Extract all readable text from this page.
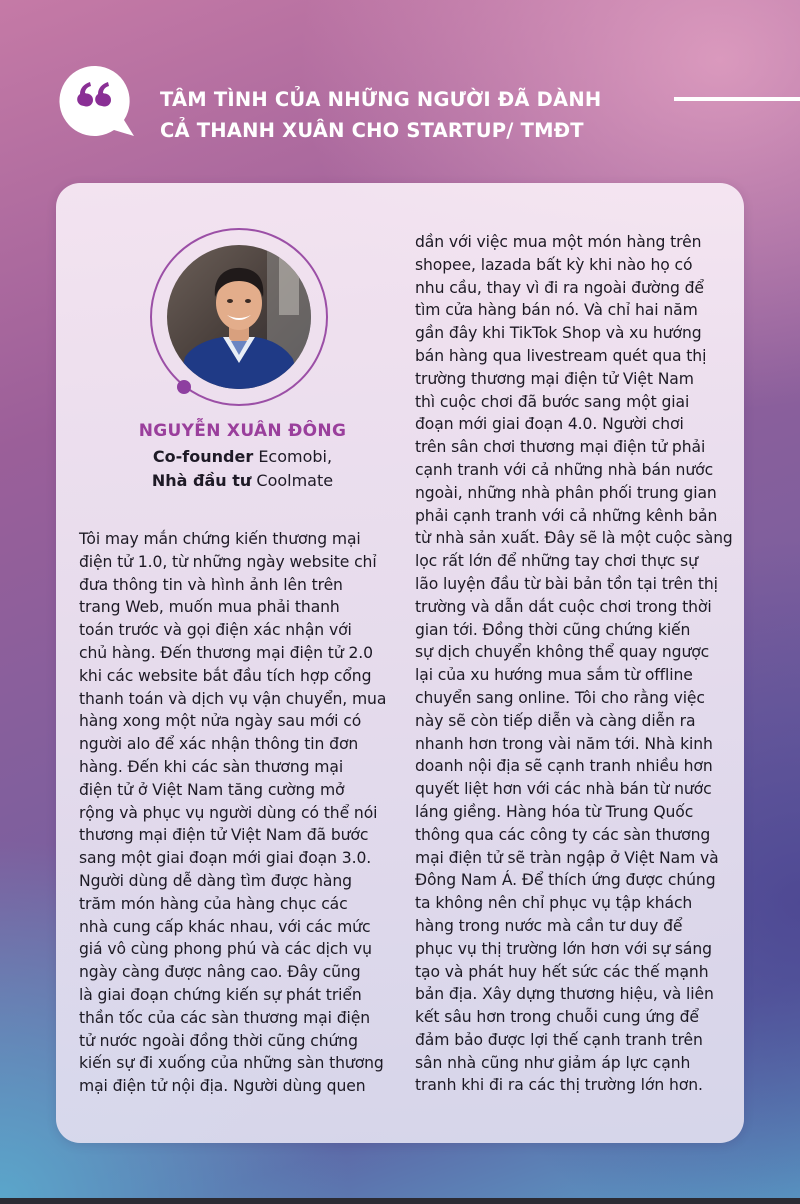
TÂM TÌNH CỦA NHỮNG NGƯỜI ĐÃ DÀNH
CẢ THANH XUÂN CHO STARTUP/ TMĐT
NGUYỄN XUÂN ĐÔNG
Co-founder Ecomobi,
Nhà đầu tư Coolmate
Tôi may mắn chứng kiến thương mại
điện tử 1.0, từ những ngày website chỉ
đưa thông tin và hình ảnh lên trên
trang Web, muốn mua phải thanh
toán trước và gọi điện xác nhận với
chủ hàng. Đến thương mại điện tử 2.0
khi các website bắt đầu tích hợp cổng
thanh toán và dịch vụ vận chuyển, mua
hàng xong một nửa ngày sau mới có
người alo để xác nhận thông tin đơn
hàng. Đến khi các sàn thương mại
điện tử ở Việt Nam tăng cường mở
rộng và phục vụ người dùng có thể nói
thương mại điện tử Việt Nam đã bước
sang một giai đoạn mới giai đoạn 3.0.
Người dùng dễ dàng tìm được hàng
trăm món hàng của hàng chục các
nhà cung cấp khác nhau, với các mức
giá vô cùng phong phú và các dịch vụ
ngày càng được nâng cao. Đây cũng
là giai đoạn chứng kiến sự phát triển
thần tốc của các sàn thương mại điện
tử nước ngoài đồng thời cũng chứng
kiến sự đi xuống của những sàn thương
mại điện tử nội địa. Người dùng quen
dần với việc mua một món hàng trên
shopee, lazada bất kỳ khi nào họ có
nhu cầu, thay vì đi ra ngoài đường để
tìm cửa hàng bán nó. Và chỉ hai năm
gần đây khi TikTok Shop và xu hướng
bán hàng qua livestream quét qua thị
trường thương mại điện tử Việt Nam
thì cuộc chơi đã bước sang một giai
đoạn mới giai đoạn 4.0. Người chơi
trên sân chơi thương mại điện tử phải
cạnh tranh với cả những nhà bán nước
ngoài, những nhà phân phối trung gian
phải cạnh tranh với cả những kênh bản
từ nhà sản xuất. Đây sẽ là một cuộc sàng
lọc rất lớn để những tay chơi thực sự
lão luyện đầu từ bài bản tồn tại trên thị
trường và dẫn dắt cuộc chơi trong thời
gian tới. Đồng thời cũng chứng kiến
sự dịch chuyển không thể quay ngược
lại của xu hướng mua sắm từ offline
chuyển sang online. Tôi cho rằng việc
này sẽ còn tiếp diễn và càng diễn ra
nhanh hơn trong vài năm tới. Nhà kinh
doanh nội địa sẽ cạnh tranh nhiều hơn
quyết liệt hơn với các nhà bán từ nước
láng giềng. Hàng hóa từ Trung Quốc
thông qua các công ty các sàn thương
mại điện tử sẽ tràn ngập ở Việt Nam và
Đông Nam Á. Để thích ứng được chúng
ta không nên chỉ phục vụ tập khách
hàng trong nước mà cần tư duy để
phục vụ thị trường lớn hơn với sự sáng
tạo và phát huy hết sức các thế mạnh
bản địa. Xây dựng thương hiệu, và liên
kết sâu hơn trong chuỗi cung ứng để
đảm bảo được lợi thế cạnh tranh trên
sân nhà cũng như giảm áp lực cạnh
tranh khi đi ra các thị trường lớn hơn.
